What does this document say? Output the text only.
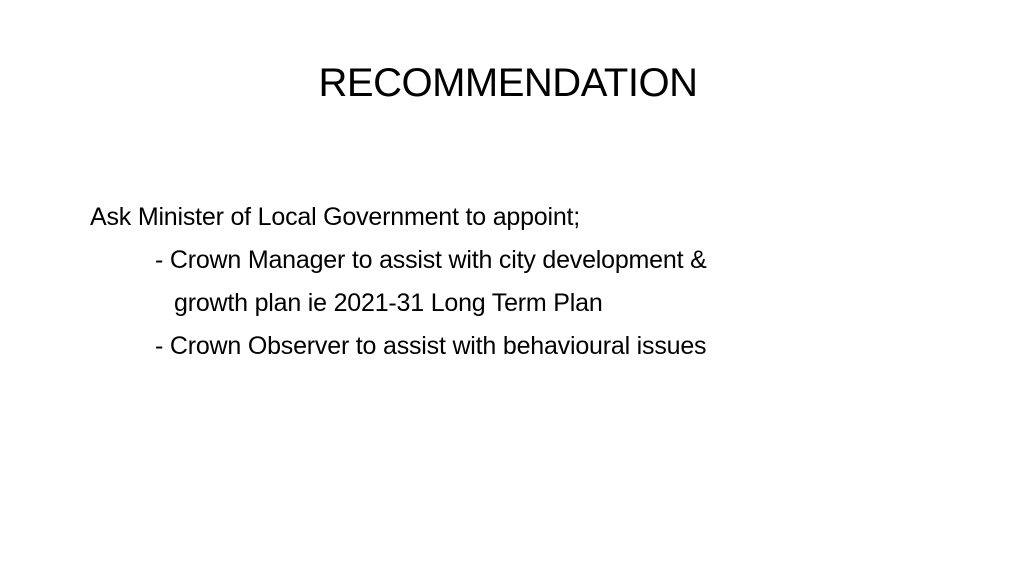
RECOMMENDATION
Ask Minister of Local Government to appoint;
- Crown Manager to assist with city development &
growth plan ie 2021-31 Long Term Plan
- Crown Observer to assist with behavioural issues
